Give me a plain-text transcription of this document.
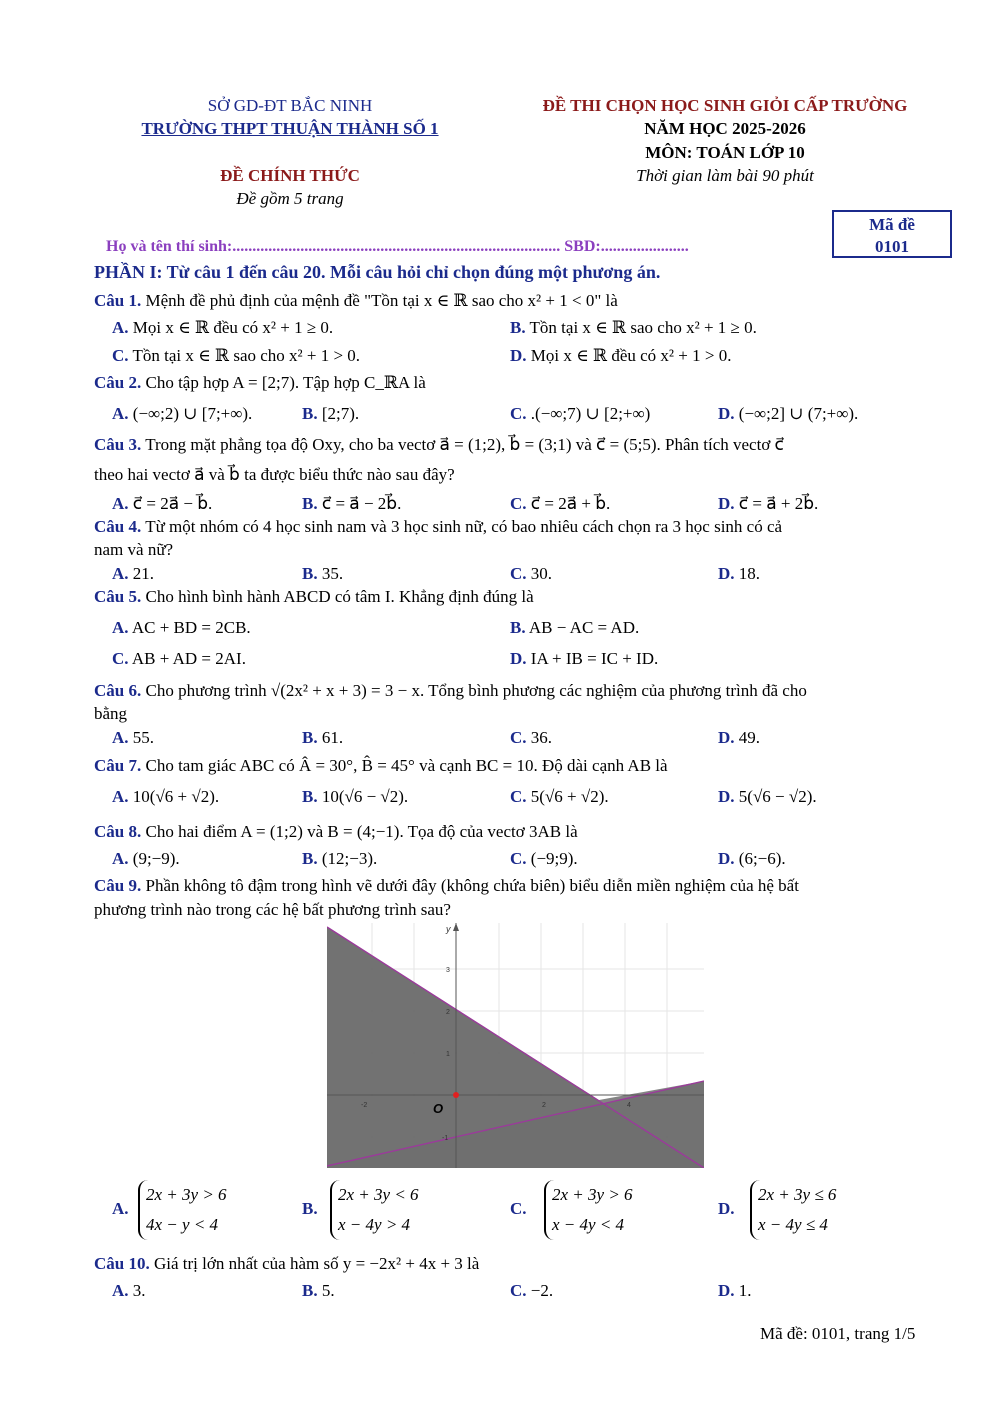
SỞ GD-ĐT BẮC NINH
TRƯỜNG THPT THUẬN THÀNH SỐ 1
ĐỀ CHÍNH THỨC
Đề gồm 5 trang
ĐỀ THI CHỌN HỌC SINH GIỎI CẤP TRƯỜNG
NĂM HỌC 2025-2026
MÔN: TOÁN LỚP 10
Thời gian làm bài 90 phút
Mã đề
0101
Họ và tên thí sinh:.................................................................................. SBD:......................
PHẦN I: Từ câu 1 đến câu 20. Mỗi câu hỏi chỉ chọn đúng một phương án.
Câu 1. Mệnh đề phủ định của mệnh đề "Tồn tại x ∈ ℝ sao cho x² + 1 < 0" là
A. Mọi x ∈ ℝ đều có x² + 1 ≥ 0.	B. Tồn tại x ∈ ℝ sao cho x² + 1 ≥ 0.
C. Tồn tại x ∈ ℝ sao cho x² + 1 > 0.	D. Mọi x ∈ ℝ đều có x² + 1 > 0.
Câu 2. Cho tập hợp A = [2;7). Tập hợp C_ℝA là
A. (−∞;2) ∪ [7;+∞).	B. [2;7).	C. .(−∞;7) ∪ [2;+∞)	D. (−∞;2] ∪ (7;+∞).
Câu 3. Trong mặt phẳng tọa độ Oxy, cho ba vectơ a⃗ = (1;2), b⃗ = (3;1) và c⃗ = (5;5). Phân tích vectơ c⃗
theo hai vectơ a⃗ và b⃗ ta được biểu thức nào sau đây?
A. c⃗ = 2a⃗ − b⃗.	B. c⃗ = a⃗ − 2b⃗.	C. c⃗ = 2a⃗ + b⃗.	D. c⃗ = a⃗ + 2b⃗.
Câu 4. Từ một nhóm có 4 học sinh nam và 3 học sinh nữ, có bao nhiêu cách chọn ra 3 học sinh có cả
nam và nữ?
A. 21.	B. 35.	C. 30.	D. 18.
Câu 5. Cho hình bình hành ABCD có tâm I. Khẳng định đúng là
A. AC + BD = 2CB.	B. AB − AC = AD.
C. AB + AD = 2AI.	D. IA + IB = IC + ID.
Câu 6. Cho phương trình √(2x² + x + 3) = 3 − x. Tổng bình phương các nghiệm của phương trình đã cho
bằng
A. 55.	B. 61.	C. 36.	D. 49.
Câu 7. Cho tam giác ABC có Â = 30°, B̂ = 45° và cạnh BC = 10. Độ dài cạnh AB là
A. 10(√6 + √2).	B. 10(√6 − √2).	C. 5(√6 + √2).	D. 5(√6 − √2).
Câu 8. Cho hai điểm A = (1;2) và B = (4;−1). Tọa độ của vectơ 3AB là
A. (9;−9).	B. (12;−3).	C. (−9;9).	D. (6;−6).
Câu 9. Phần không tô đậm trong hình vẽ dưới đây (không chứa biên) biểu diễn miền nghiệm của hệ bất
phương trình nào trong các hệ bất phương trình sau?
y
O
-2	2	4
3
2
1
-1
A.
2x + 3y > 6
4x − y < 4
B.
2x + 3y < 6
x − 4y > 4
C.
2x + 3y > 6
x − 4y < 4
D.
2x + 3y ≤ 6
x − 4y ≤ 4
Câu 10. Giá trị lớn nhất của hàm số y = −2x² + 4x + 3 là
A. 3.	B. 5.	C. −2.	D. 1.
Mã đề: 0101, trang 1/5
